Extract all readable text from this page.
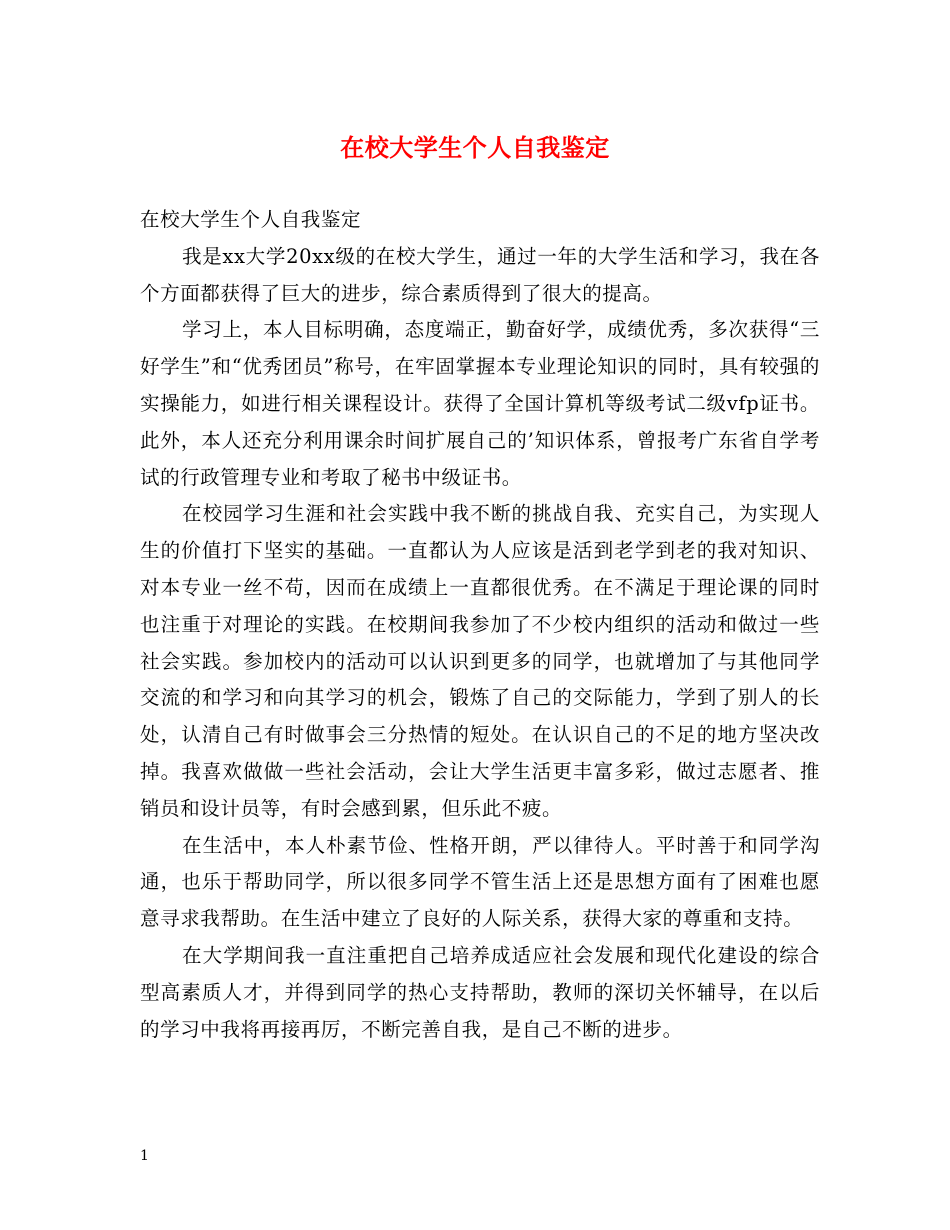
在校大学生个人自我鉴定

在校大学生个人自我鉴定

我是xx大学20xx级的在校大学生，通过一年的大学生活和学习，我在各个方面都获得了巨大的进步，综合素质得到了很大的提高。

学习上，本人目标明确，态度端正，勤奋好学，成绩优秀，多次获得“三好学生”和“优秀团员”称号，在牢固掌握本专业理论知识的同时，具有较强的实操能力，如进行相关课程设计。获得了全国计算机等级考试二级vfp证书。此外，本人还充分利用课余时间扩展自己的’知识体系，曾报考广东省自学考试的行政管理专业和考取了秘书中级证书。

在校园学习生涯和社会实践中我不断的挑战自我、充实自己，为实现人生的价值打下坚实的基础。一直都认为人应该是活到老学到老的我对知识、对本专业一丝不苟，因而在成绩上一直都很优秀。在不满足于理论课的同时也注重于对理论的实践。在校期间我参加了不少校内组织的活动和做过一些社会实践。参加校内的活动可以认识到更多的同学，也就增加了与其他同学交流的和学习和向其学习的机会，锻炼了自己的交际能力，学到了别人的长处，认清自己有时做事会三分热情的短处。在认识自己的不足的地方坚决改掉。我喜欢做做一些社会活动，会让大学生活更丰富多彩，做过志愿者、推销员和设计员等，有时会感到累，但乐此不疲。

在生活中，本人朴素节俭、性格开朗，严以律待人。平时善于和同学沟通，也乐于帮助同学，所以很多同学不管生活上还是思想方面有了困难也愿意寻求我帮助。在生活中建立了良好的人际关系，获得大家的尊重和支持。

在大学期间我一直注重把自己培养成适应社会发展和现代化建设的综合型高素质人才，并得到同学的热心支持帮助，教师的深切关怀辅导，在以后的学习中我将再接再厉，不断完善自我，是自己不断的进步。

1
